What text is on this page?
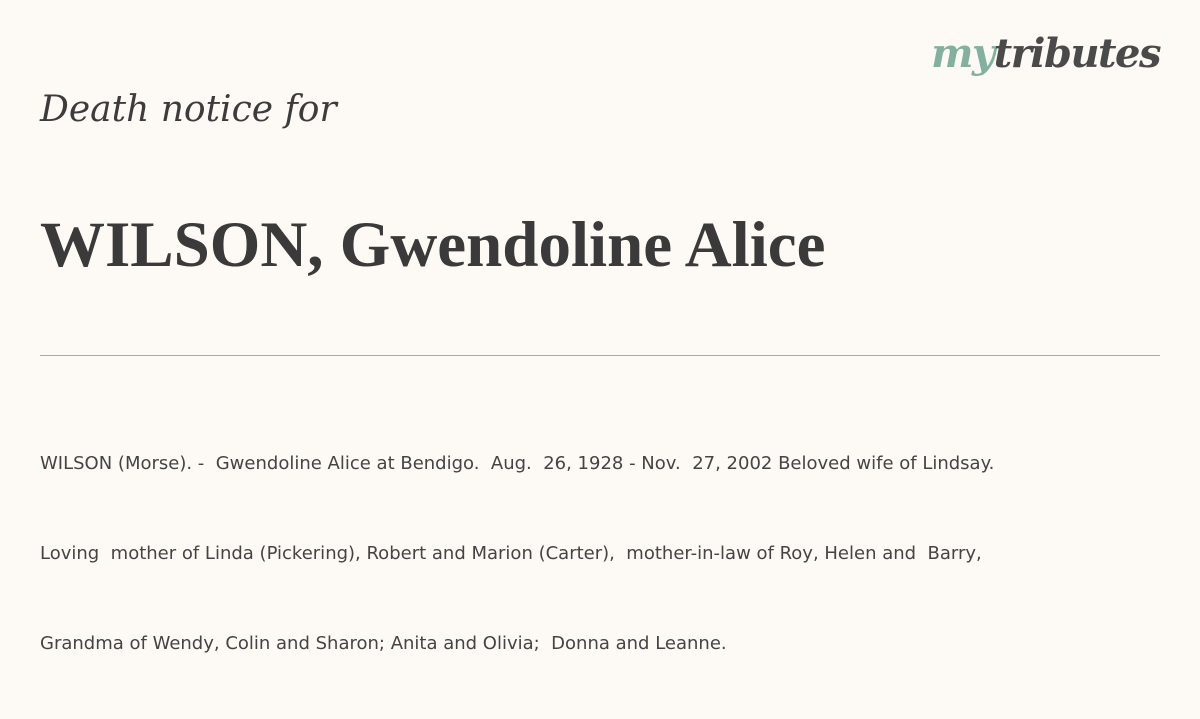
mytributes
Death notice for
WILSON, Gwendoline Alice

WILSON (Morse). -  Gwendoline Alice at Bendigo.  Aug.  26, 1928 - Nov.  27, 2002 Beloved wife of Lindsay.

Loving  mother of Linda (Pickering), Robert and Marion (Carter),  mother-in-law of Roy, Helen and  Barry,

Grandma of Wendy, Colin and Sharon; Anita and Olivia;  Donna and Leanne.
